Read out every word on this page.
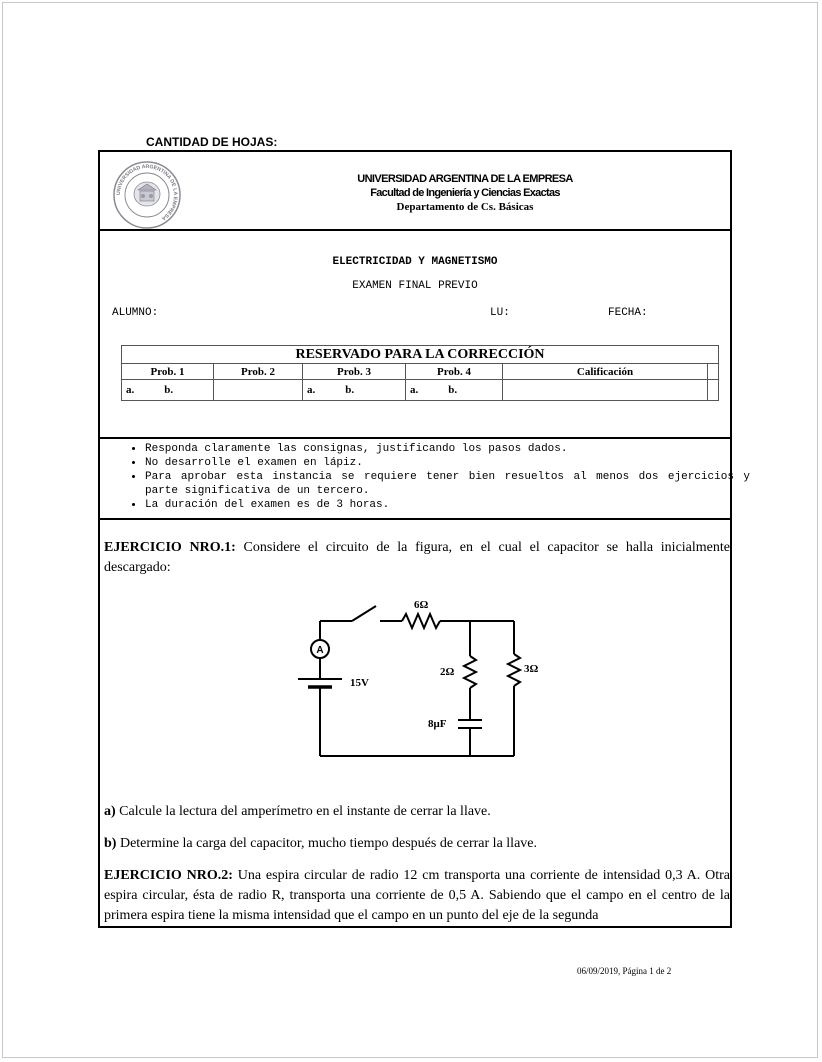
CANTIDAD DE HOJAS:
UNIVERSIDAD ARGENTINA DE LA EMPRESA
UNIVERSIDAD ARGENTINA DE LA EMPRESA
Facultad de Ingeniería y Ciencias Exactas
Departamento de Cs. Básicas
ELECTRICIDAD Y MAGNETISMO
EXAMEN FINAL PREVIO
ALUMNO:	LU:	FECHA:
RESERVADO PARA LA CORRECCIÓN					
Prob. 1	Prob. 2	Prob. 3	Prob. 4	Calificación	
a. b.		a. b.	a. b.		
• Responda claramente las consignas, justificando los pasos dados.
• No desarrolle el examen en lápiz.
• Para aprobar esta instancia se requiere tener bien resueltos al menos dos ejercicios y parte significativa de un tercero.
• La duración del examen es de 3 horas.
EJERCICIO NRO.1: Considere el circuito de la figura, en el cual el capacitor se halla inicialmente descargado:
A
6Ω
2Ω	3Ω
15V
8μF
a) Calcule la lectura del amperímetro en el instante de cerrar la llave.
b) Determine la carga del capacitor, mucho tiempo después de cerrar la llave.
EJERCICIO NRO.2: Una espira circular de radio 12 cm transporta una corriente de intensidad 0,3 A. Otra espira circular, ésta de radio R, transporta una corriente de 0,5 A. Sabiendo que el campo en el centro de la primera espira tiene la misma intensidad que el campo en un punto del eje de la segunda
06/09/2019, Página 1 de 2
